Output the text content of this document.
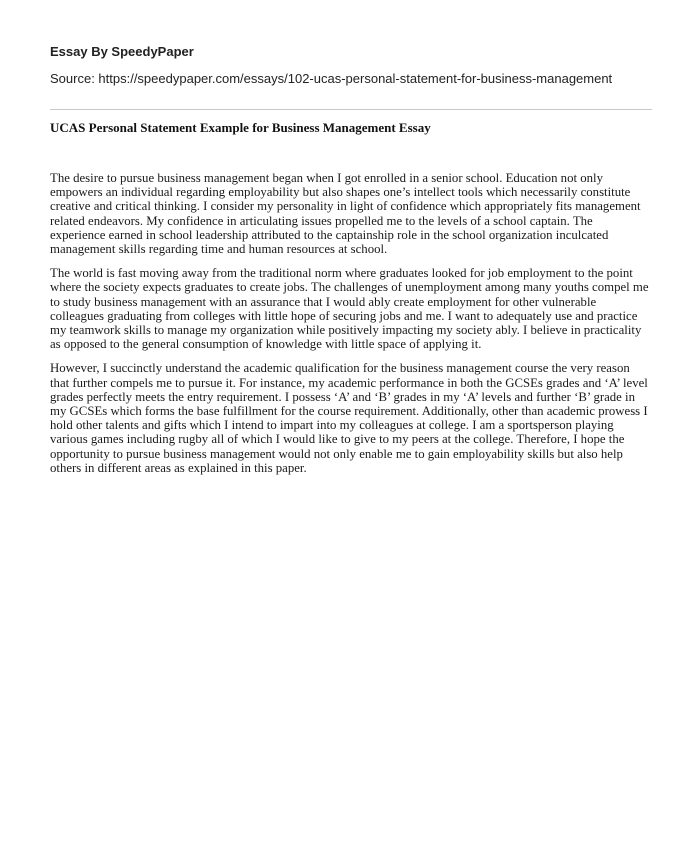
Essay By SpeedyPaper
Source: https://speedypaper.com/essays/102-ucas-personal-statement-for-business-management
UCAS Personal Statement Example for Business Management Essay

The desire to pursue business management began when I got enrolled in a senior school. Education not only empowers an individual regarding employability but also shapes one’s intellect tools which necessarily constitute creative and critical thinking. I consider my personality in light of confidence which appropriately fits management related endeavors. My confidence in articulating issues propelled me to the levels of a school captain. The experience earned in school leadership attributed to the captainship role in the school organization inculcated management skills regarding time and human resources at school.

The world is fast moving away from the traditional norm where graduates looked for job employment to the point where the society expects graduates to create jobs. The challenges of unemployment among many youths compel me to study business management with an assurance that I would ably create employment for other vulnerable colleagues graduating from colleges with little hope of securing jobs and me. I want to adequately use and practice my teamwork skills to manage my organization while positively impacting my society ably. I believe in practicality as opposed to the general consumption of knowledge with little space of applying it.

However, I succinctly understand the academic qualification for the business management course the very reason that further compels me to pursue it. For instance, my academic performance in both the GCSEs grades and ‘A’ level grades perfectly meets the entry requirement. I possess ‘A’ and ‘B’ grades in my ‘A’ levels and further ‘B’ grade in my GCSEs which forms the base fulfillment for the course requirement. Additionally, other than academic prowess I hold other talents and gifts which I intend to impart into my colleagues at college. I am a sportsperson playing various games including rugby all of which I would like to give to my peers at the college. Therefore, I hope the opportunity to pursue business management would not only enable me to gain employability skills but also help others in different areas as explained in this paper.
